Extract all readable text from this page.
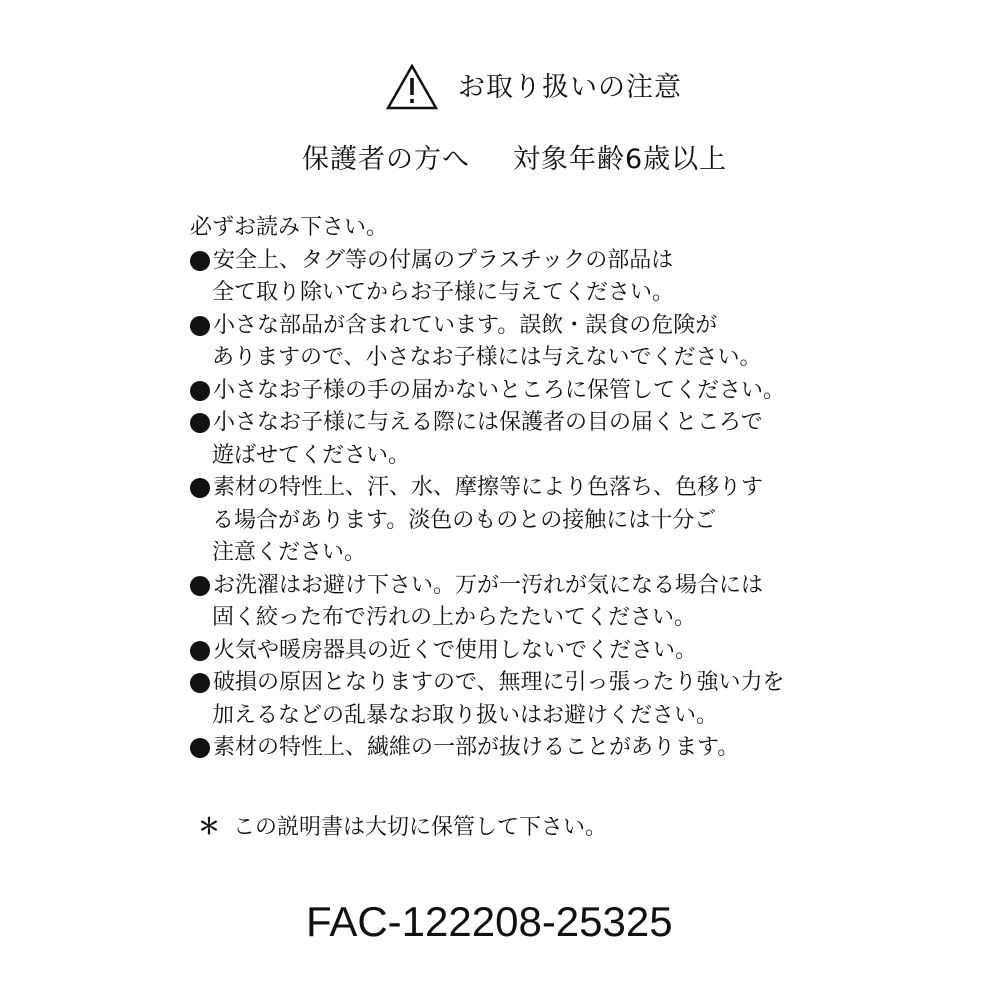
お取り扱いの注意
保護者の方へ 対象年齢6歳以上
必ずお読み下さい。
安全上、タグ等の付属のプラスチックの部品は
全て取り除いてからお子様に与えてください。
小さな部品が含まれています。誤飲・誤食の危険が
ありますので、小さなお子様には与えないでください。
小さなお子様の手の届かないところに保管してください。
小さなお子様に与える際には保護者の目の届くところで
遊ばせてください。
素材の特性上、汗、水、摩擦等により色落ち、色移りす
る場合があります。淡色のものとの接触には十分ご
注意ください。
お洗濯はお避け下さい。万が一汚れが気になる場合には
固く絞った布で汚れの上からたたいてください。
火気や暖房器具の近くで使用しないでください。
破損の原因となりますので、無理に引っ張ったり強い力を
加えるなどの乱暴なお取り扱いはお避けください。
素材の特性上、繊維の一部が抜けることがあります。
＊ この説明書は大切に保管して下さい。
FAC-122208-25325
